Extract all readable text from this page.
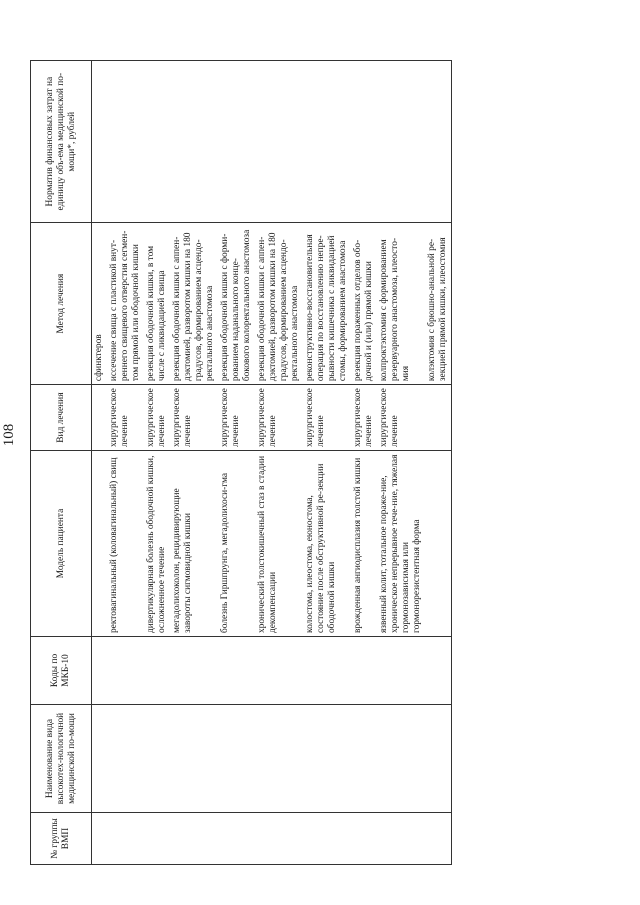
108
№ группы ВМП	Наименование вида высокотех-нологичной медицинской по-мощи	Коды по МКБ-10	Модель пациента	Вид лечения	Метод лечения	Норматив финансовых затрат на единицу объ-ема медицинской по-мощи*, рублей
					сфинктеров	
			ректовагинальный (коловагинальный) свищ	хирургическое лечение	иссечение свища с пластикой внут-реннего свищевого отверстия сегмен-том прямой или ободочной кишки	
			дивертикулярная болезнь ободочной кишки, осложненное течение	хирургическое лечение	резекция ободочной кишки, в том числе с ликвидацией свища	
			мегадолихоколон, рецидивирующие завороты сигмовидной кишки	хирургическое лечение	резекция ободочной кишки с аппен-дэктомией, разворотом кишки на 180 градусов, формированием асцендо-ректального анастомоза	
			болезнь Гиршпрунга, мегадолихоси-гма	хирургическое лечение	резекция ободочной кишки с форми-рованием наданального конце-бокового колоректального анастомоза	
			хронический толстокишечный стаз в стадии декомпенсации	хирургическое лечение	резекция ободочной кишки с аппен-дэктомией, разворотом кишки на 180 градусов, формированием асцендо-ректального анастомоза	
			колостома, илеостома, еюностома, состояние после обструктивной ре-зекции ободочной кишки	хирургическое лечение	реконструктивно-восстановительная операция по восстановлению непре-рывности кишечника с ликвидацией стомы, формированием анастомоза	
			врожденная ангиодисплазия толстой кишки	хирургическое лечение	резекция пораженных отделов обо-дочной и (или) прямой кишки	
			язвенный колит, тотальное пораже-ние, хроническое непрерывное тече-ние, тяжелая гормонозависимая или гормонорезистентная форма	хирургическое лечение	колпроктэктомия с формированием резервуарного анастомоза, илеосто-мия	
					колэктомия с брюшно-анальной ре-зекцией прямой кишки, илеостомия	
